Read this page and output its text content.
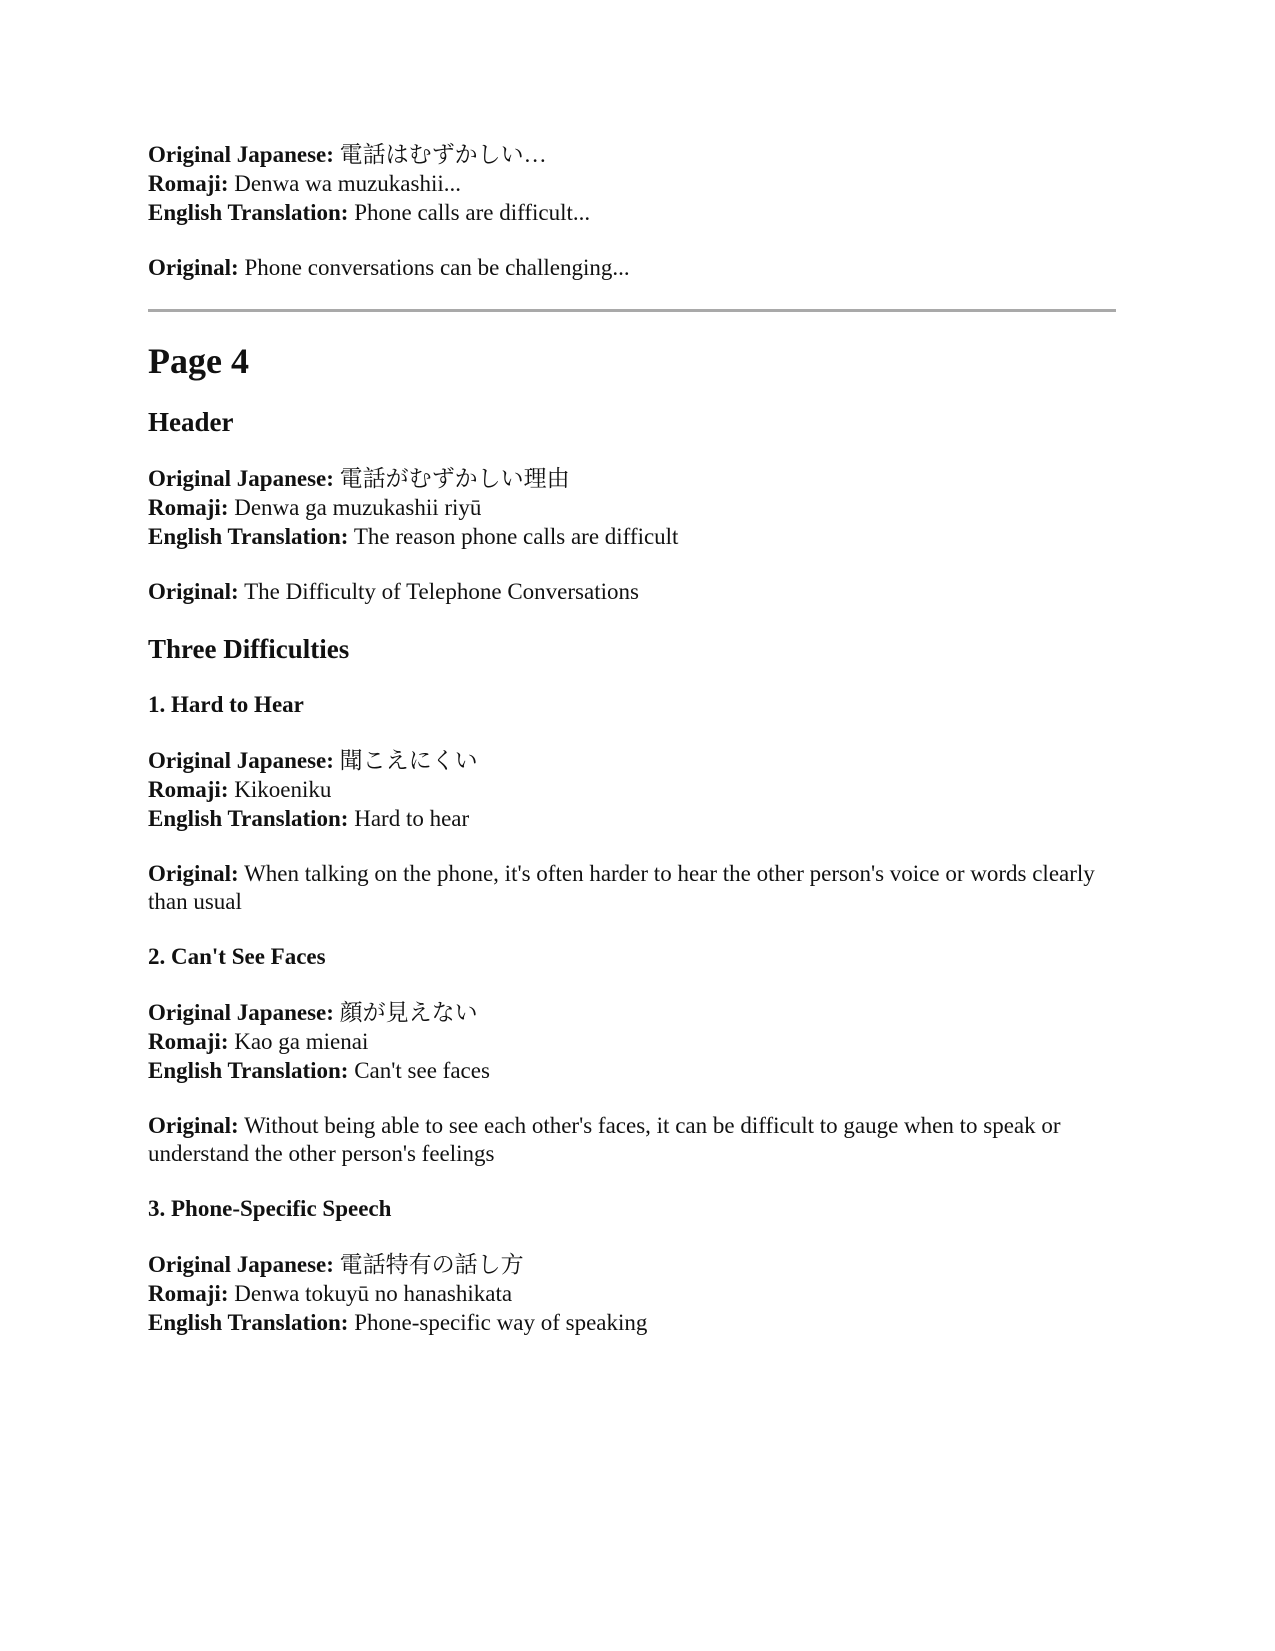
Original Japanese: 電話はむずかしい…

Romaji: Denwa wa muzukashii...

English Translation: Phone calls are difficult...

Original: Phone conversations can be challenging...

Page 4
Header

Original Japanese: 電話がむずかしい理由

Romaji: Denwa ga muzukashii riyū

English Translation: The reason phone calls are difficult

Original: The Difficulty of Telephone Conversations

Three Difficulties
1. Hard to Hear

Original Japanese: 聞こえにくい

Romaji: Kikoeniku

English Translation: Hard to hear

Original: When talking on the phone, it's often harder to hear the other person's voice or words clearly than usual

2. Can't See Faces

Original Japanese: 顔が見えない

Romaji: Kao ga mienai

English Translation: Can't see faces

Original: Without being able to see each other's faces, it can be difficult to gauge when to speak or understand the other person's feelings

3. Phone-Specific Speech

Original Japanese: 電話特有の話し方

Romaji: Denwa tokuyū no hanashikata

English Translation: Phone-specific way of speaking
